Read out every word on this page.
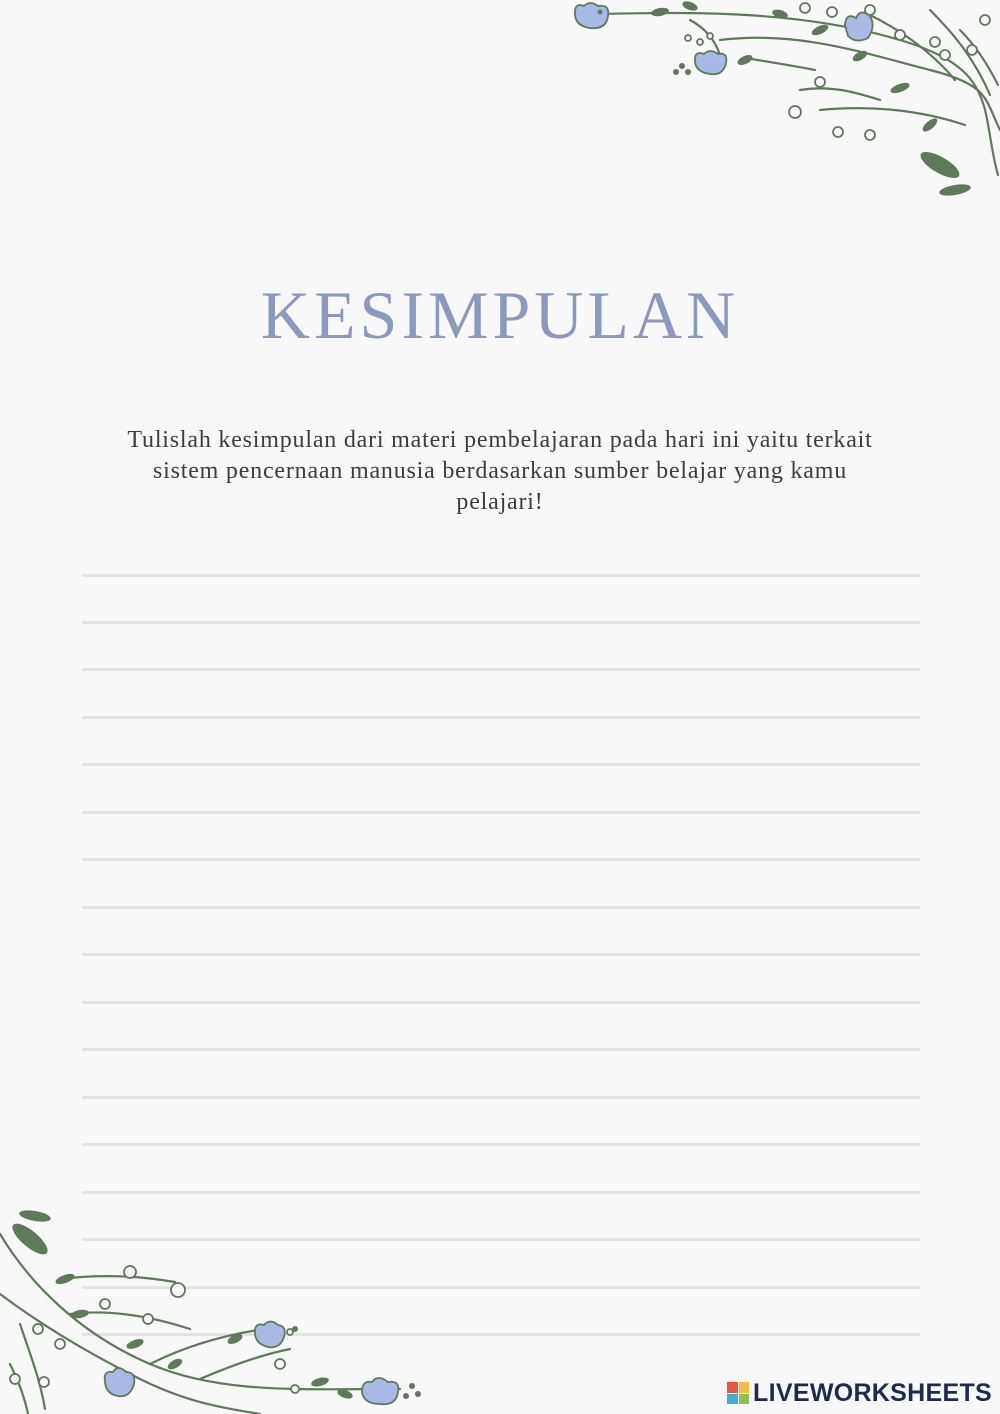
KESIMPULAN
Tulislah kesimpulan dari materi pembelajaran pada hari ini yaitu terkait sistem pencernaan manusia berdasarkan sumber belajar yang kamu pelajari!
LIVEWORKSHEETS
